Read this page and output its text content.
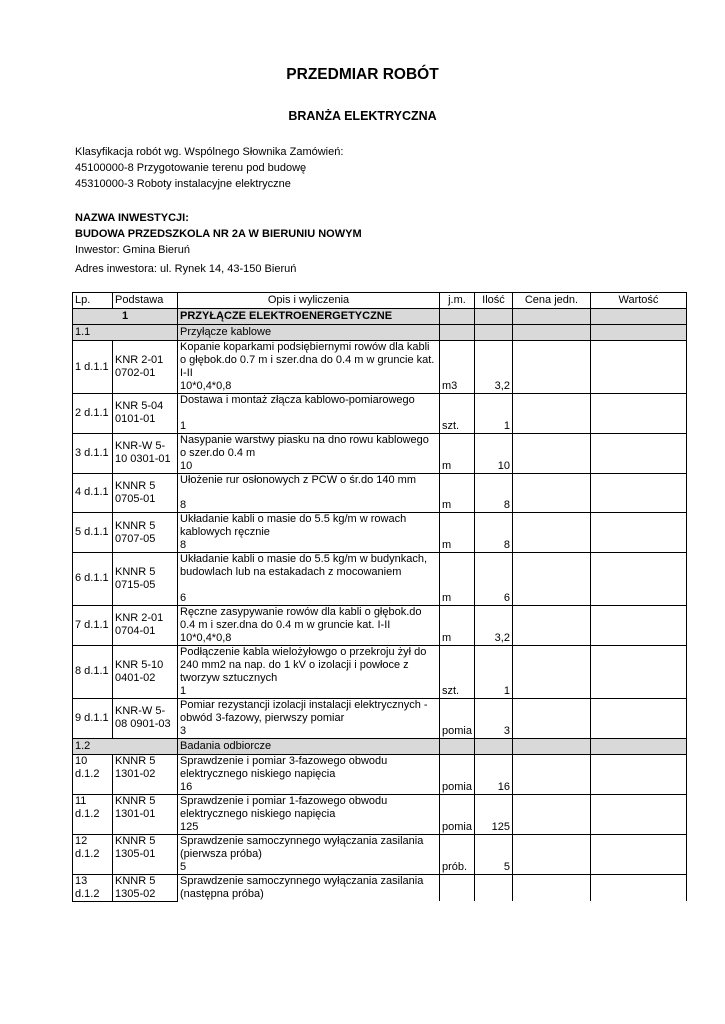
PRZEDMIAR ROBÓT
BRANŻA ELEKTRYCZNA
Klasyfikacja robót wg. Wspólnego Słownika Zamówień:
45100000-8 Przygotowanie terenu pod budowę
45310000-3 Roboty instalacyjne elektryczne
NAZWA INWESTYCJI:
BUDOWA PRZEDSZKOLA NR 2A W BIERUNIU NOWYM
Inwestor: Gmina Bieruń
Adres inwestora: ul. Rynek 14, 43-150 Bieruń
Lp.	Podstawa	Opis i wyliczenia	j.m.	Ilość	Cena jedn.	Wartość
1		PRZYŁĄCZE ELEKTROENERGETYCZNE				
1.1		Przyłącze kablowe				
1 d.1.1	KNR 2-01 0702-01	Kopanie koparkami podsiębiernymi rowów dla kabli o głębok.do 0.7 m i szer.dna do 0.4 m w gruncie kat. I-II				
		10*0,4*0,8	m3	3,2		
2 d.1.1	KNR 5-04 0101-01	Dostawa i montaż złącza kablowo-pomiarowego				
		1	szt.	1		
3 d.1.1	KNR-W 5-10 0301-01	Nasypanie warstwy piasku na dno rowu kablowego o szer.do 0.4 m				
		10	m	10		
4 d.1.1	KNNR 5 0705-01	Ułożenie rur osłonowych z PCW o śr.do 140 mm				
		8	m	8		
5 d.1.1	KNNR 5 0707-05	Układanie kabli o masie do 5.5 kg/m w rowach kablowych ręcznie				
		8	m	8		
6 d.1.1	KNNR 5 0715-05	Układanie kabli o masie do 5.5 kg/m w budynkach, budowlach lub na estakadach z mocowaniem				
		6	m	6		
7 d.1.1	KNR 2-01 0704-01	Ręczne zasypywanie rowów dla kabli o głębok.do 0.4 m i szer.dna do 0.4 m w gruncie kat. I-II				
		10*0,4*0,8	m	3,2		
8 d.1.1	KNR 5-10 0401-02	Podłączenie kabla wielożyłowgo o przekroju żył do 240 mm2 na nap. do 1 kV o izolacji i powłoce z tworzyw sztucznych				
		1	szt.	1		
9 d.1.1	KNR-W 5-08 0901-03	Pomiar rezystancji izolacji instalacji elektrycznych - obwód 3-fazowy, pierwszy pomiar				
		3	pomia	3		
1.2		Badania odbiorcze				
10 d.1.2	KNNR 5 1301-02	Sprawdzenie i pomiar 3-fazowego obwodu elektrycznego niskiego napięcia				
		16	pomia	16		
11 d.1.2	KNNR 5 1301-01	Sprawdzenie i pomiar 1-fazowego obwodu elektrycznego niskiego napięcia				
		125	pomia	125		
12 d.1.2	KNNR 5 1305-01	Sprawdzenie samoczynnego wyłączania zasilania (pierwsza próba)				
		5	prób.	5		
13 d.1.2	KNNR 5 1305-02	Sprawdzenie samoczynnego wyłączania zasilania (następna próba)				
